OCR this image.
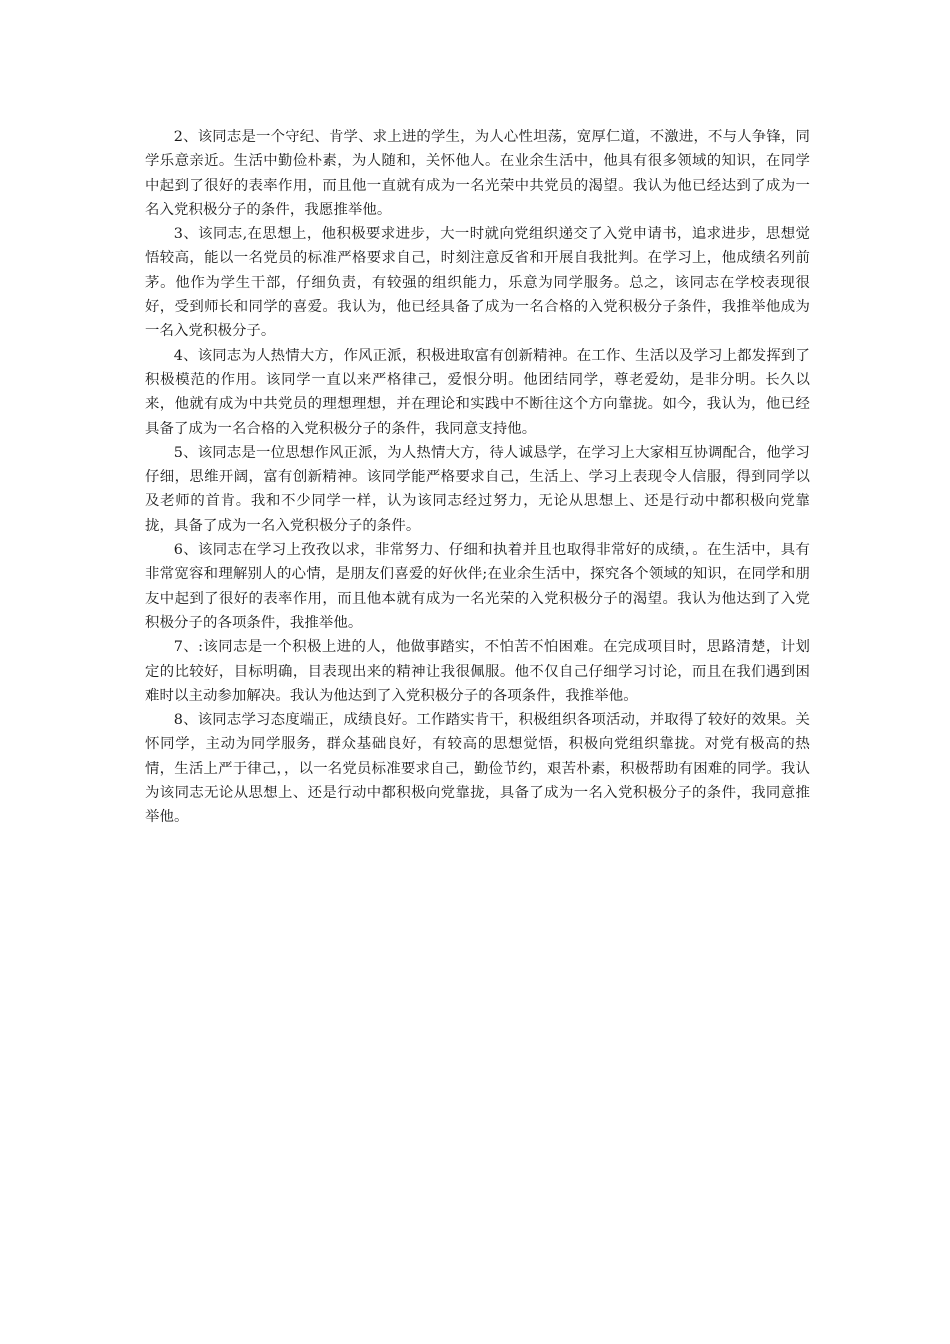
2、该同志是一个守纪、肯学、求上进的学生，为人心性坦荡，宽厚仁道，不激进，不与人争锋，同学乐意亲近。生活中勤俭朴素，为人随和，关怀他人。在业余生活中，他具有很多领域的知识，在同学中起到了很好的表率作用，而且他一直就有成为一名光荣中共党员的渴望。我认为他已经达到了成为一名入党积极分子的条件，我愿推举他。

3、该同志,在思想上，他积极要求进步，大一时就向党组织递交了入党申请书，追求进步，思想觉悟较高，能以一名党员的标准严格要求自己，时刻注意反省和开展自我批判。在学习上，他成绩名列前茅。他作为学生干部，仔细负责，有较强的组织能力，乐意为同学服务。总之，该同志在学校表现很好，受到师长和同学的喜爱。我认为，他已经具备了成为一名合格的入党积极分子条件，我推举他成为一名入党积极分子。

4、该同志为人热情大方，作风正派，积极进取富有创新精神。在工作、生活以及学习上都发挥到了积极模范的作用。该同学一直以来严格律己，爱恨分明。他团结同学，尊老爱幼，是非分明。长久以来，他就有成为中共党员的理想理想，并在理论和实践中不断往这个方向靠拢。如今，我认为，他已经具备了成为一名合格的入党积极分子的条件，我同意支持他。

5、该同志是一位思想作风正派，为人热情大方，待人诚恳学，在学习上大家相互协调配合，他学习仔细，思维开阔，富有创新精神。该同学能严格要求自己，生活上、学习上表现令人信服，得到同学以及老师的首肯。我和不少同学一样，认为该同志经过努力，无论从思想上、还是行动中都积极向党靠拢，具备了成为一名入党积极分子的条件。

6、该同志在学习上孜孜以求，非常努力、仔细和执着并且也取得非常好的成绩，。在生活中，具有非常宽容和理解别人的心情，是朋友们喜爱的好伙伴;在业余生活中，探究各个领域的知识，在同学和朋友中起到了很好的表率作用，而且他本就有成为一名光荣的入党积极分子的渴望。我认为他达到了入党积极分子的各项条件，我推举他。

7、:该同志是一个积极上进的人，他做事踏实，不怕苦不怕困难。在完成项目时，思路清楚，计划定的比较好，目标明确，目表现出来的精神让我很佩服。他不仅自己仔细学习讨论，而且在我们遇到困难时以主动参加解决。我认为他达到了入党积极分子的各项条件，我推举他。

8、该同志学习态度端正，成绩良好。工作踏实肯干，积极组织各项活动，并取得了较好的效果。关怀同学，主动为同学服务，群众基础良好，有较高的思想觉悟，积极向党组织靠拢。对党有极高的热情，生活上严于律己，，以一名党员标准要求自己，勤俭节约，艰苦朴素，积极帮助有困难的同学。我认为该同志无论从思想上、还是行动中都积极向党靠拢，具备了成为一名入党积极分子的条件，我同意推举他。
